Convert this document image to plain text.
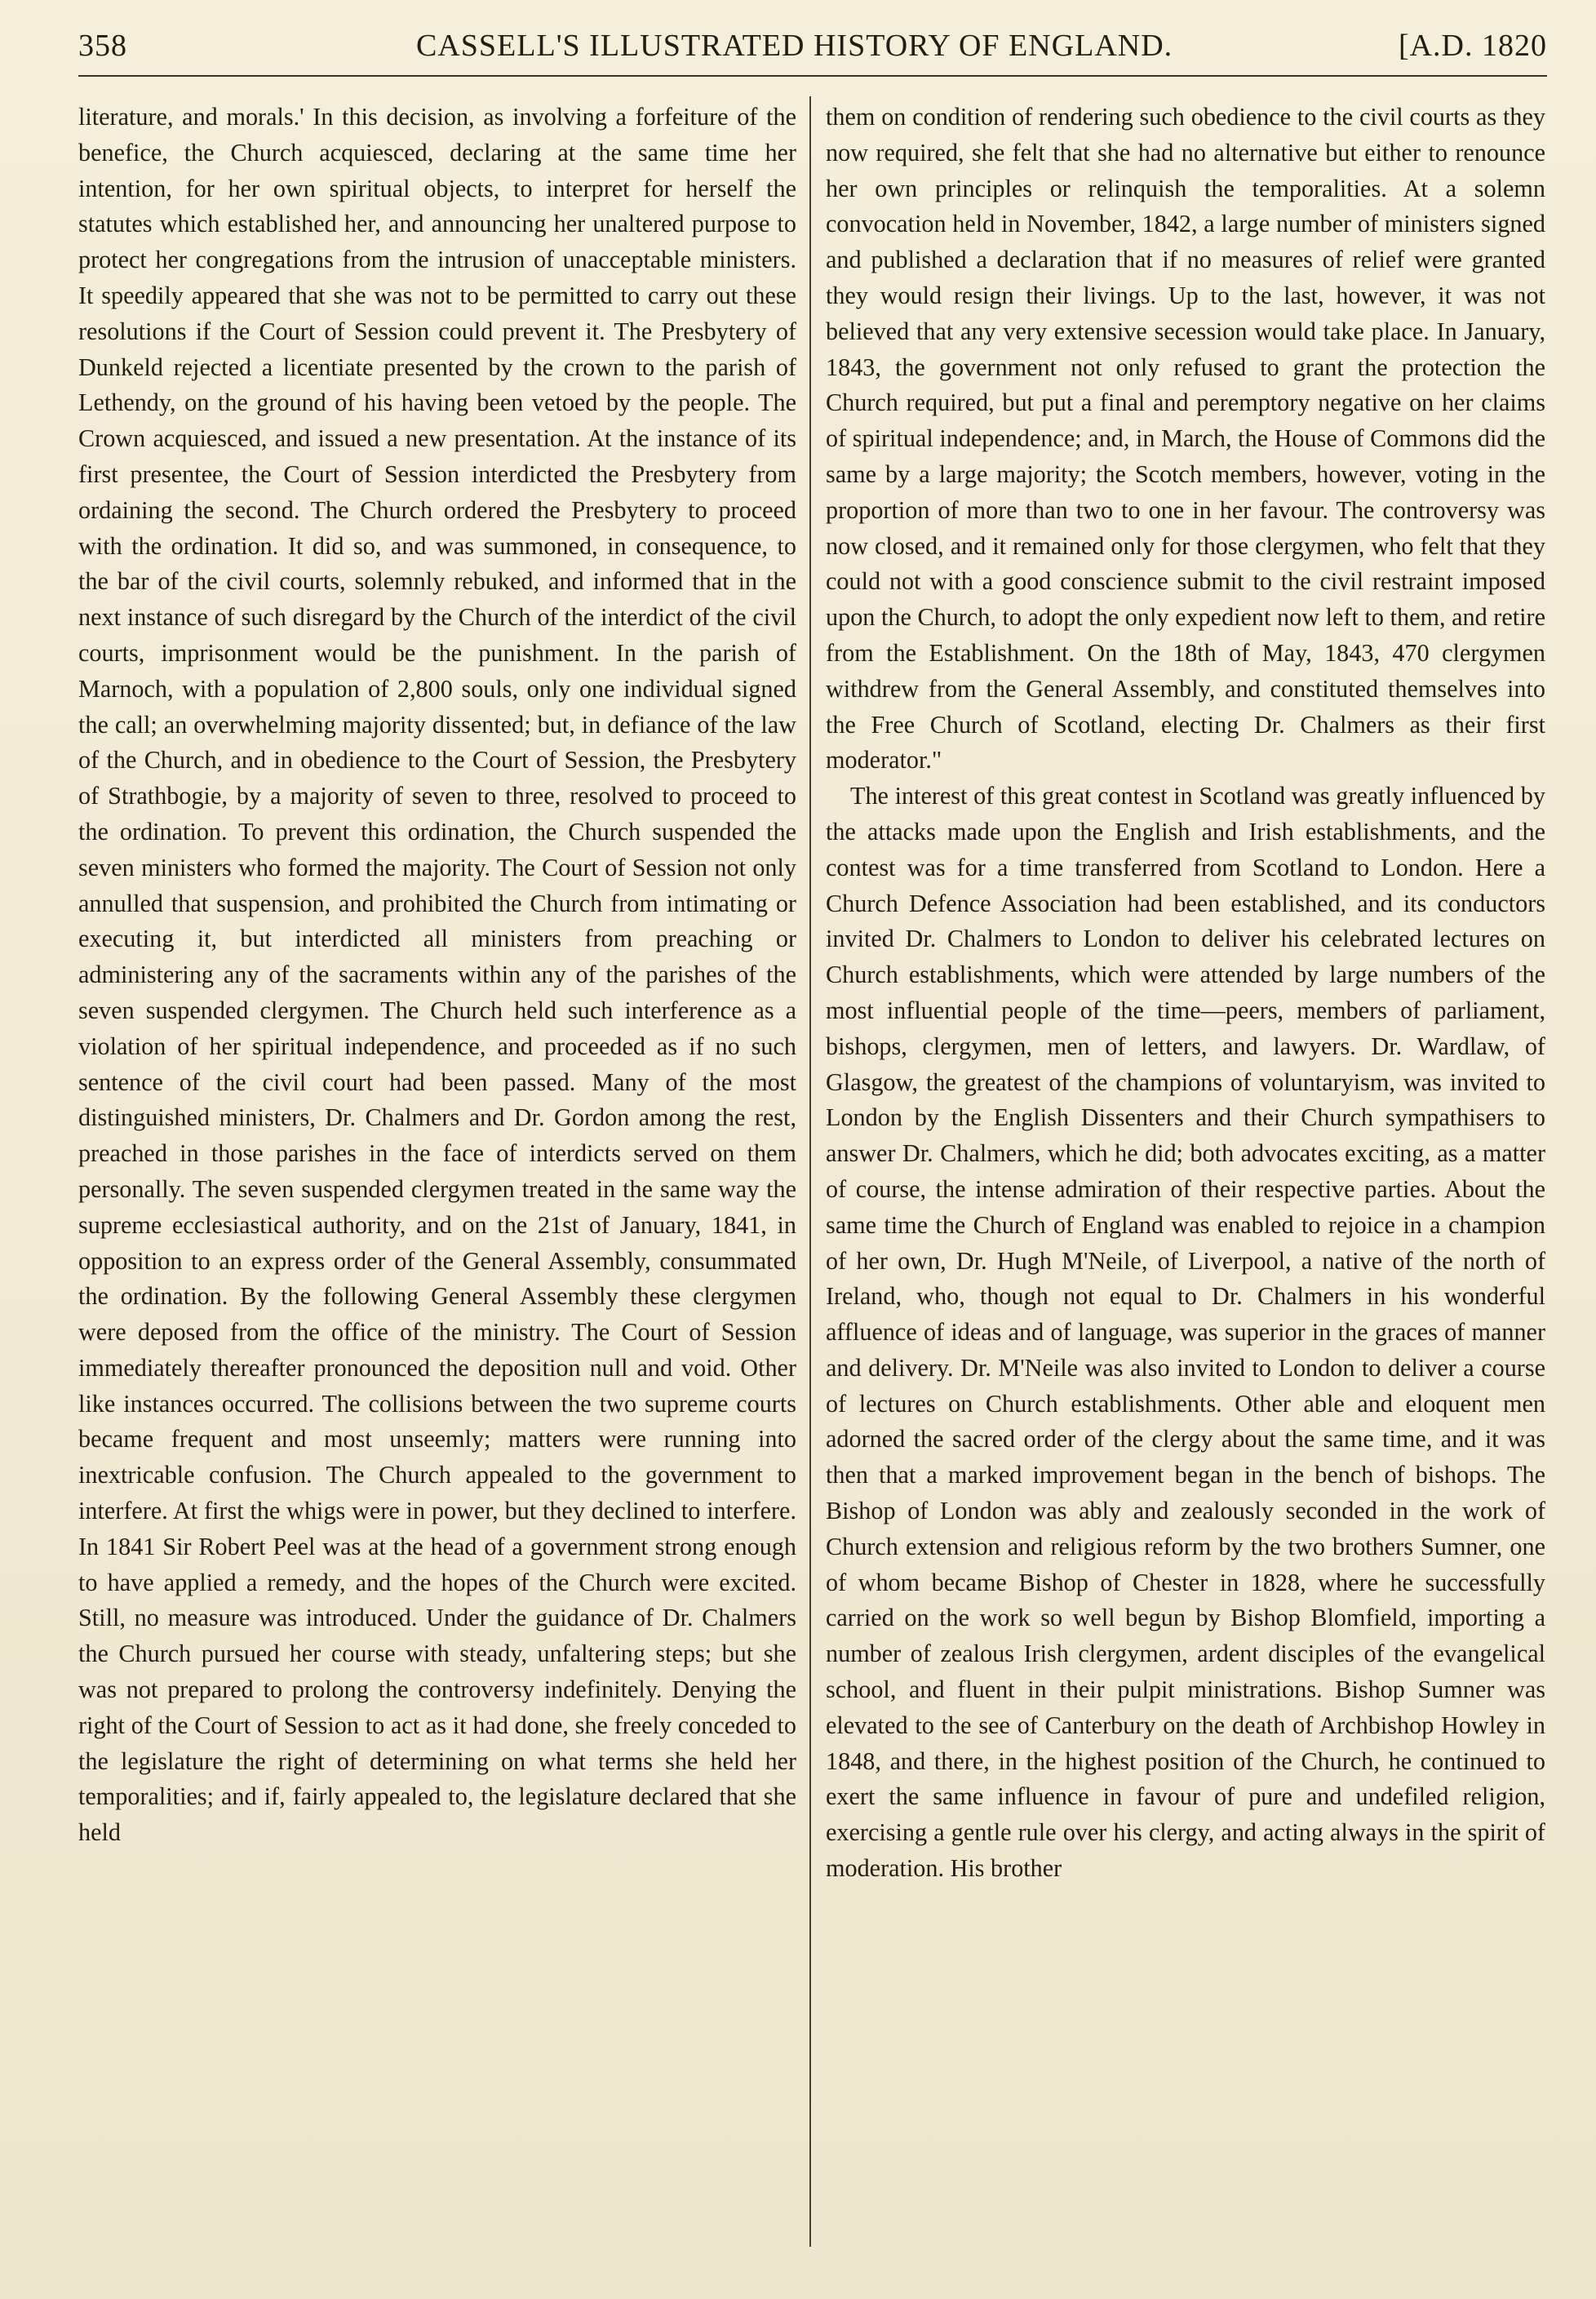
358	CASSELL'S ILLUSTRATED HISTORY OF ENGLAND.	[A.D. 1820

literature, and morals.' In this decision, as involving a forfeiture of the benefice, the Church acquiesced, declaring at the same time her intention, for her own spiritual objects, to interpret for herself the statutes which established her, and announcing her unaltered purpose to protect her congregations from the intrusion of unacceptable ministers. It speedily appeared that she was not to be permitted to carry out these resolutions if the Court of Session could prevent it. The Presbytery of Dunkeld rejected a licentiate presented by the crown to the parish of Lethendy, on the ground of his having been vetoed by the people. The Crown acquiesced, and issued a new presentation. At the instance of its first presentee, the Court of Session interdicted the Presbytery from ordaining the second. The Church ordered the Presbytery to proceed with the ordination. It did so, and was summoned, in consequence, to the bar of the civil courts, solemnly rebuked, and informed that in the next instance of such disregard by the Church of the interdict of the civil courts, imprisonment would be the punishment. In the parish of Marnoch, with a population of 2,800 souls, only one individual signed the call; an overwhelming majority dissented; but, in defiance of the law of the Church, and in obedience to the Court of Session, the Presbytery of Strathbogie, by a majority of seven to three, resolved to proceed to the ordination. To prevent this ordination, the Church suspended the seven ministers who formed the majority. The Court of Session not only annulled that suspension, and prohibited the Church from intimating or executing it, but interdicted all ministers from preaching or administering any of the sacraments within any of the parishes of the seven suspended clergymen. The Church held such interference as a violation of her spiritual independence, and proceeded as if no such sentence of the civil court had been passed. Many of the most distinguished ministers, Dr. Chalmers and Dr. Gordon among the rest, preached in those parishes in the face of interdicts served on them personally. The seven suspended clergymen treated in the same way the supreme ecclesiastical authority, and on the 21st of January, 1841, in opposition to an express order of the General Assembly, consummated the ordination. By the following General Assembly these clergymen were deposed from the office of the ministry. The Court of Session immediately thereafter pronounced the deposition null and void. Other like instances occurred. The collisions between the two supreme courts became frequent and most unseemly; matters were running into inextricable confusion. The Church appealed to the government to interfere. At first the whigs were in power, but they declined to interfere. In 1841 Sir Robert Peel was at the head of a government strong enough to have applied a remedy, and the hopes of the Church were excited. Still, no measure was introduced. Under the guidance of Dr. Chalmers the Church pursued her course with steady, unfaltering steps; but she was not prepared to prolong the controversy indefinitely. Denying the right of the Court of Session to act as it had done, she freely conceded to the legislature the right of determining on what terms she held her temporalities; and if, fairly appealed to, the legislature declared that she held

them on condition of rendering such obedience to the civil courts as they now required, she felt that she had no alternative but either to renounce her own principles or relinquish the temporalities. At a solemn convocation held in November, 1842, a large number of ministers signed and published a declaration that if no measures of relief were granted they would resign their livings. Up to the last, however, it was not believed that any very extensive secession would take place. In January, 1843, the government not only refused to grant the protection the Church required, but put a final and peremptory negative on her claims of spiritual independence; and, in March, the House of Commons did the same by a large majority; the Scotch members, however, voting in the proportion of more than two to one in her favour. The controversy was now closed, and it remained only for those clergymen, who felt that they could not with a good conscience submit to the civil restraint imposed upon the Church, to adopt the only expedient now left to them, and retire from the Establishment. On the 18th of May, 1843, 470 clergymen withdrew from the General Assembly, and constituted themselves into the Free Church of Scotland, electing Dr. Chalmers as their first moderator."

The interest of this great contest in Scotland was greatly influenced by the attacks made upon the English and Irish establishments, and the contest was for a time transferred from Scotland to London. Here a Church Defence Association had been established, and its conductors invited Dr. Chalmers to London to deliver his celebrated lectures on Church establishments, which were attended by large numbers of the most influential people of the time—peers, members of parliament, bishops, clergymen, men of letters, and lawyers. Dr. Wardlaw, of Glasgow, the greatest of the champions of voluntaryism, was invited to London by the English Dissenters and their Church sympathisers to answer Dr. Chalmers, which he did; both advocates exciting, as a matter of course, the intense admiration of their respective parties. About the same time the Church of England was enabled to rejoice in a champion of her own, Dr. Hugh M'Neile, of Liverpool, a native of the north of Ireland, who, though not equal to Dr. Chalmers in his wonderful affluence of ideas and of language, was superior in the graces of manner and delivery. Dr. M'Neile was also invited to London to deliver a course of lectures on Church establishments. Other able and eloquent men adorned the sacred order of the clergy about the same time, and it was then that a marked improvement began in the bench of bishops. The Bishop of London was ably and zealously seconded in the work of Church extension and religious reform by the two brothers Sumner, one of whom became Bishop of Chester in 1828, where he successfully carried on the work so well begun by Bishop Blomfield, importing a number of zealous Irish clergymen, ardent disciples of the evangelical school, and fluent in their pulpit ministrations. Bishop Sumner was elevated to the see of Canterbury on the death of Archbishop Howley in 1848, and there, in the highest position of the Church, he continued to exert the same influence in favour of pure and undefiled religion, exercising a gentle rule over his clergy, and acting always in the spirit of moderation. His brother
